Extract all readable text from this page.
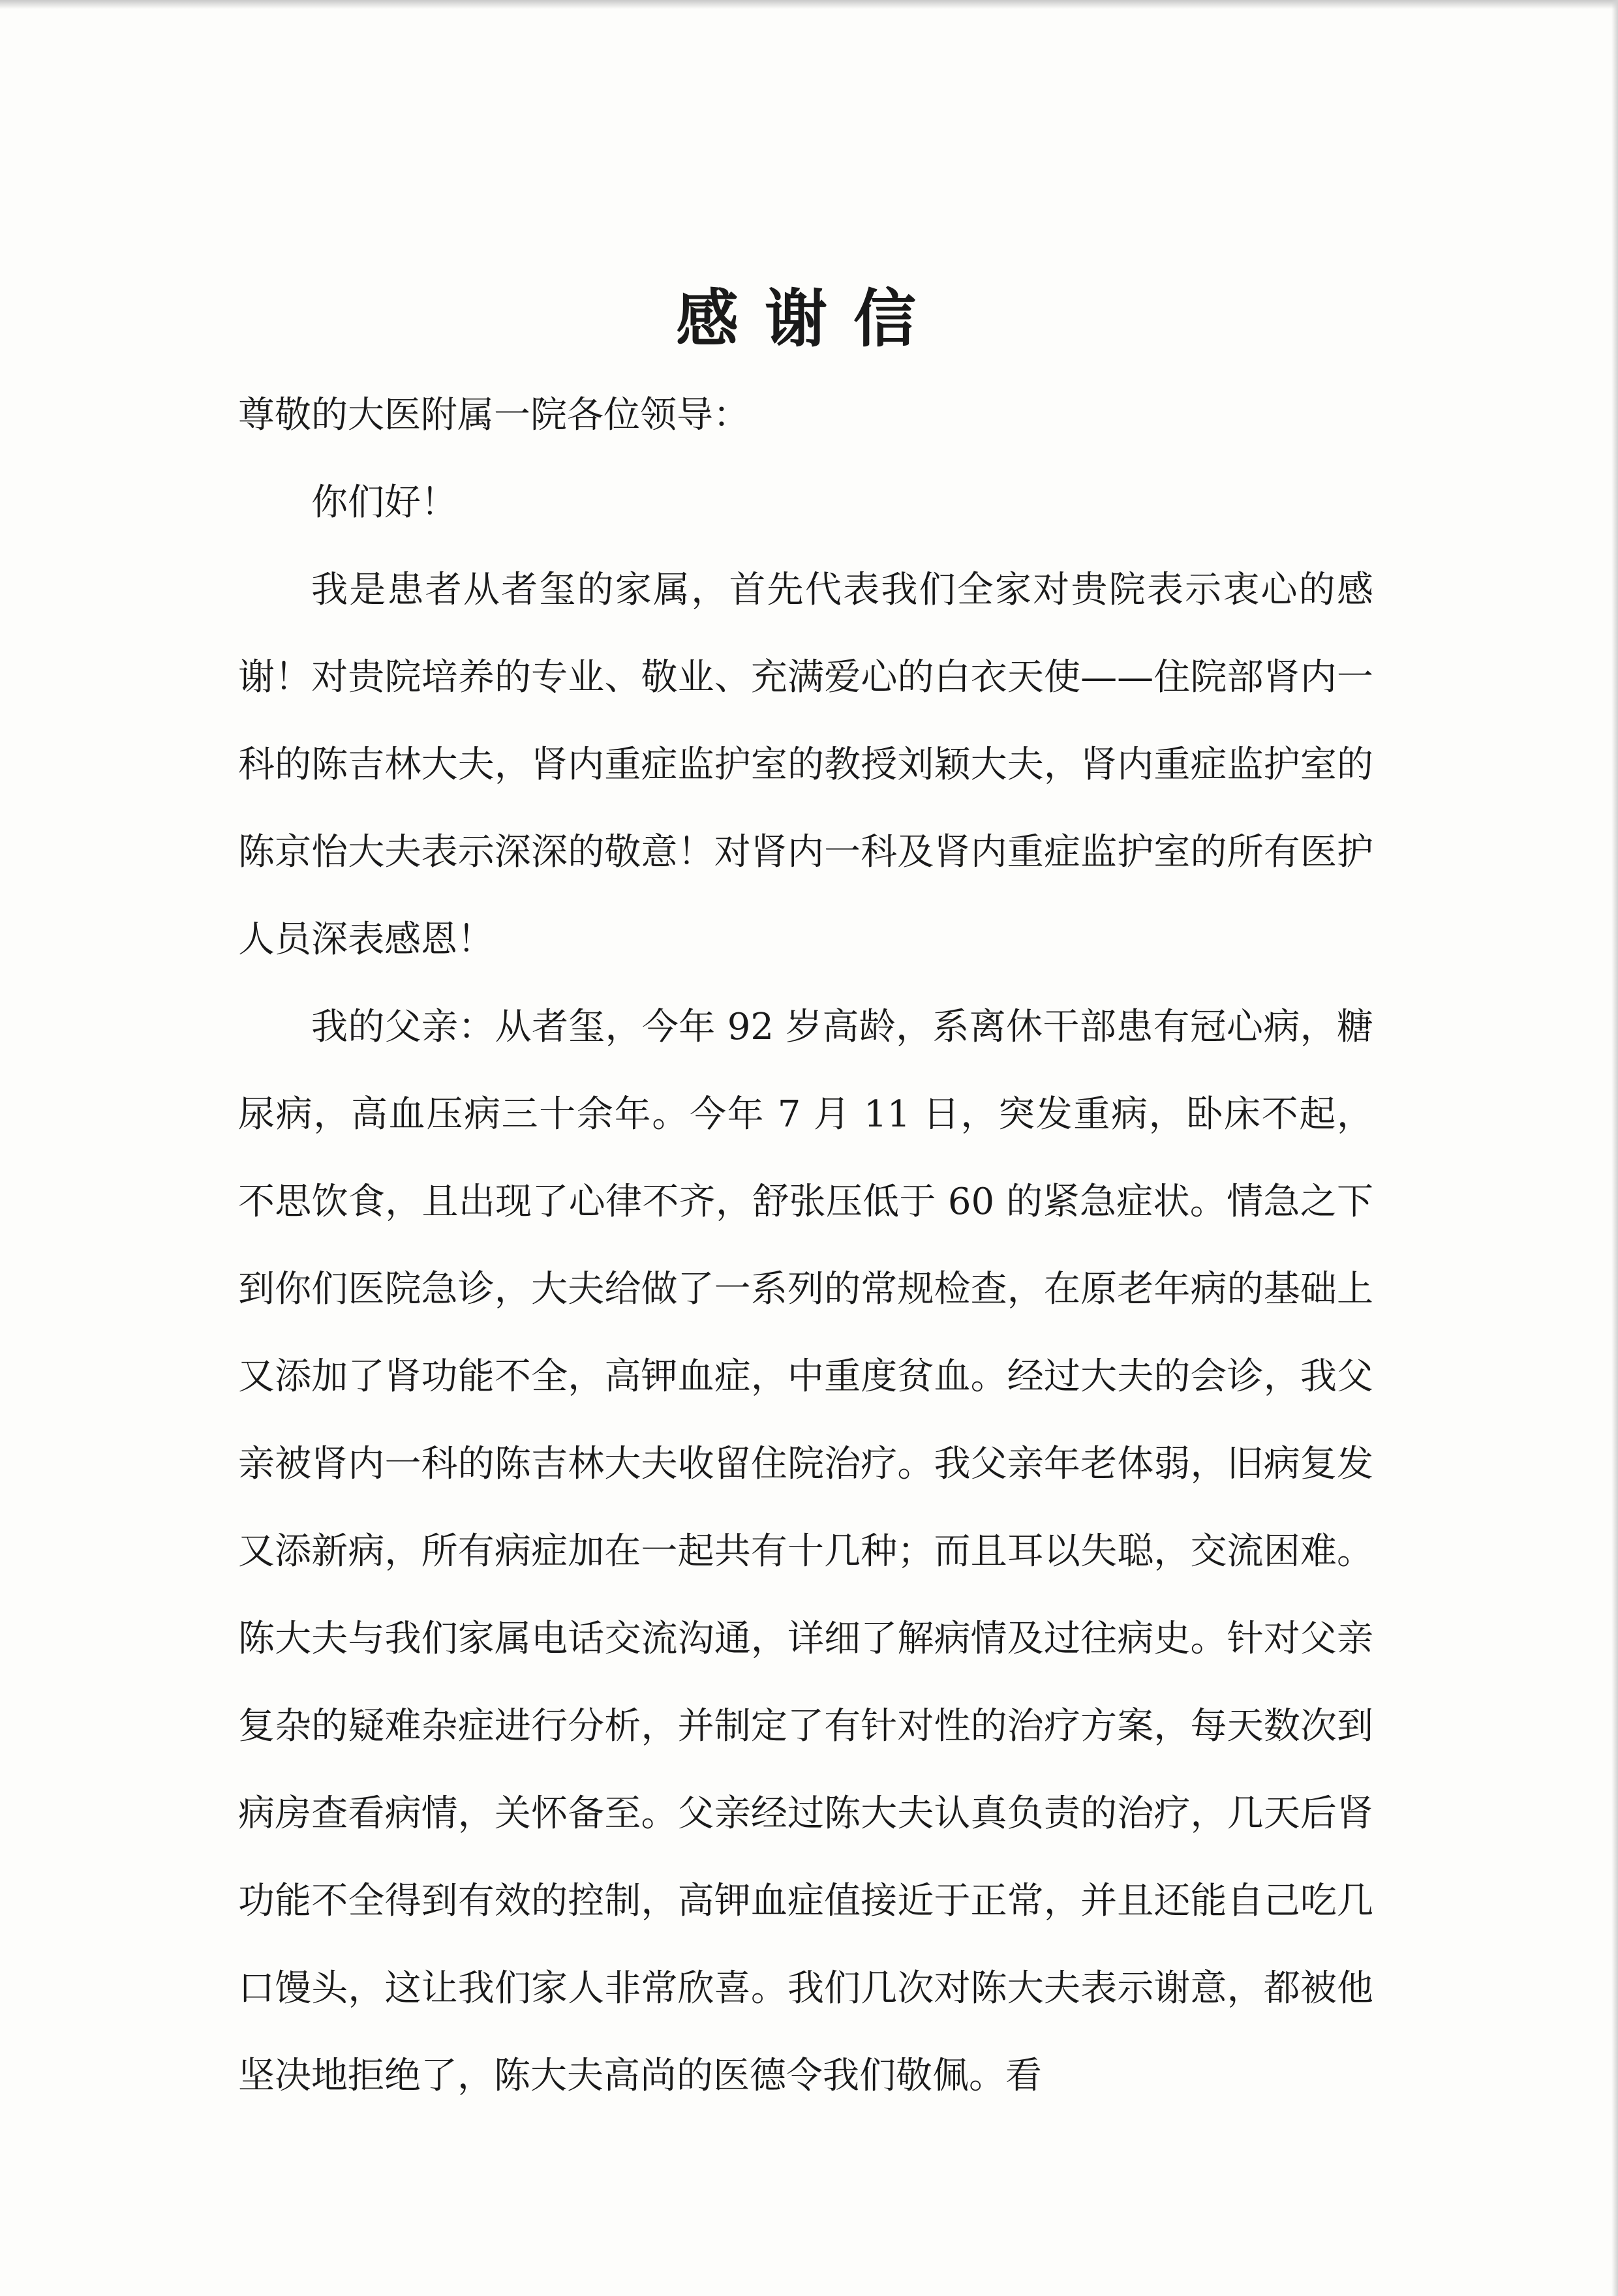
感谢信

尊敬的大医附属一院各位领导：

你们好！

我是患者从者玺的家属，首先代表我们全家对贵院表示衷心的感谢！对贵院培养的专业、敬业、充满爱心的白衣天使——住院部肾内一科的陈吉林大夫，肾内重症监护室的教授刘颖大夫，肾内重症监护室的陈京怡大夫表示深深的敬意！对肾内一科及肾内重症监护室的所有医护人员深表感恩！

我的父亲：从者玺，今年 92 岁高龄，系离休干部患有冠心病，糖尿病，高血压病三十余年。今年 7 月 11 日，突发重病，卧床不起，不思饮食，且出现了心律不齐，舒张压低于 60 的紧急症状。情急之下到你们医院急诊，大夫给做了一系列的常规检查，在原老年病的基础上又添加了肾功能不全，高钾血症，中重度贫血。经过大夫的会诊，我父亲被肾内一科的陈吉林大夫收留住院治疗。我父亲年老体弱，旧病复发又添新病，所有病症加在一起共有十几种；而且耳以失聪，交流困难。陈大夫与我们家属电话交流沟通，详细了解病情及过往病史。针对父亲复杂的疑难杂症进行分析，并制定了有针对性的治疗方案，每天数次到病房查看病情，关怀备至。父亲经过陈大夫认真负责的治疗，几天后肾功能不全得到有效的控制，高钾血症值接近于正常，并且还能自己吃几口馒头，这让我们家人非常欣喜。我们几次对陈大夫表示谢意，都被他坚决地拒绝了，陈大夫高尚的医德令我们敬佩。看
